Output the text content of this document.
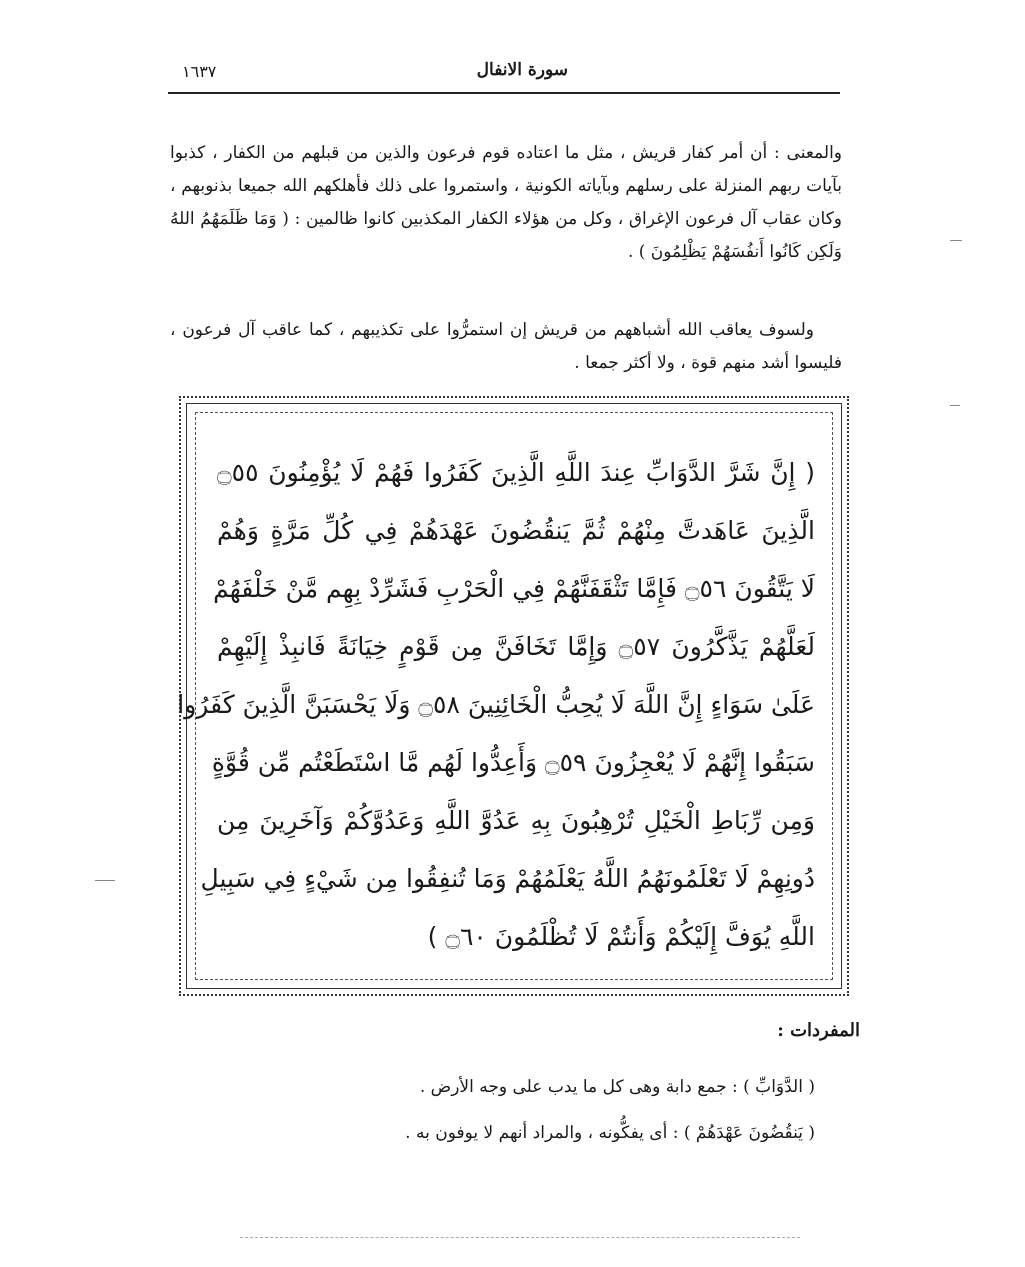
سورة الانفال
١٦٣٧

والمعنى : أن أمر كفار قريش ، مثل ما اعتاده قوم فرعون والذين من قبلهم من الكفار ، كذبوا بآيات ربهم المنزلة على رسلهم وبآياته الكونية ، واستمروا على ذلك فأهلكهم الله جميعا بذنوبهم ، وكان عقاب آل فرعون الإغراق ، وكل من هؤلاء الكفار المكذبين كانوا ظالمين : ( وَمَا ظَلَمَهُمُ اللهُ وَلَكِن كَانُوا أَنفُسَهُمْ يَظْلِمُونَ ) .

ولسوف يعاقب الله أشباههم من قريش إن استمرُّوا على تكذيبهم ، كما عاقب آل فرعون ، فليسوا أشد منهم قوة ، ولا أكثر جمعا .

( إِنَّ شَرَّ الدَّوَابِّ عِندَ اللَّهِ الَّذِينَ كَفَرُوا فَهُمْ لَا يُؤْمِنُونَ ۝٥٥
الَّذِينَ عَاهَدتَّ مِنْهُمْ ثُمَّ يَنقُضُونَ عَهْدَهُمْ فِي كُلِّ مَرَّةٍ وَهُمْ
لَا يَتَّقُونَ ۝٥٦ فَإِمَّا تَثْقَفَنَّهُمْ فِي الْحَرْبِ فَشَرِّدْ بِهِم مَّنْ خَلْفَهُمْ
لَعَلَّهُمْ يَذَّكَّرُونَ ۝٥٧ وَإِمَّا تَخَافَنَّ مِن قَوْمٍ خِيَانَةً فَانبِذْ إِلَيْهِمْ
عَلَىٰ سَوَاءٍ إِنَّ اللَّهَ لَا يُحِبُّ الْخَائِنِينَ ۝٥٨ وَلَا يَحْسَبَنَّ الَّذِينَ كَفَرُوا
سَبَقُوا إِنَّهُمْ لَا يُعْجِزُونَ ۝٥٩ وَأَعِدُّوا لَهُم مَّا اسْتَطَعْتُم مِّن قُوَّةٍ
وَمِن رِّبَاطِ الْخَيْلِ تُرْهِبُونَ بِهِ عَدُوَّ اللَّهِ وَعَدُوَّكُمْ وَآخَرِينَ مِن
دُونِهِمْ لَا تَعْلَمُونَهُمُ اللَّهُ يَعْلَمُهُمْ وَمَا تُنفِقُوا مِن شَيْءٍ فِي سَبِيلِ
اللَّهِ يُوَفَّ إِلَيْكُمْ وَأَنتُمْ لَا تُظْلَمُونَ ۝٦٠ )
المفردات :
( الدَّوَابِّ ) : جمع دابة وهى كل ما يدب على وجه الأرض .
( يَنقُضُونَ عَهْدَهُمْ ) : أى يفكُّونه ، والمراد أنهم لا يوفون به .
